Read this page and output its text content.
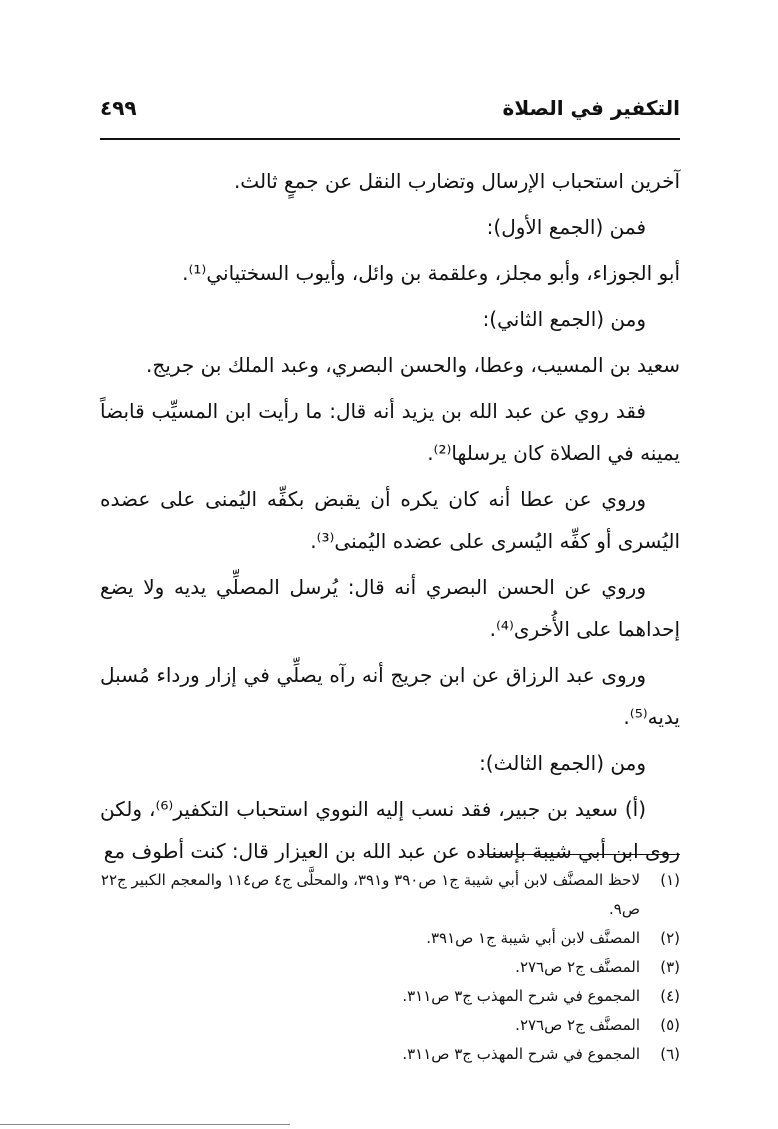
التكفير في الصلاة
٤٩٩

آخرين استحباب الإرسال وتضارب النقل عن جمعٍ ثالث.

فمن (الجمع الأول):

أبو الجوزاء، وأبو مجلز، وعلقمة بن وائل، وأيوب السختياني⁽¹⁾.

ومن (الجمع الثاني):

سعيد بن المسيب، وعطا، والحسن البصري، وعبد الملك بن جريج.

فقد روي عن عبد الله بن يزيد أنه قال: ما رأيت ابن المسيِّب قابضاً يمينه في الصلاة كان يرسلها⁽²⁾.

وروي عن عطا أنه كان يكره أن يقبض بكفِّه اليُمنى على عضده اليُسرى أو كفِّه اليُسرى على عضده اليُمنى⁽³⁾.

وروي عن الحسن البصري أنه قال: يُرسل المصلِّي يديه ولا يضع إحداهما على الأُخرى⁽⁴⁾.

وروى عبد الرزاق عن ابن جريج أنه رآه يصلِّي في إزار ورداء مُسبل يديه⁽⁵⁾.

ومن (الجمع الثالث):

(أ) سعيد بن جبير، فقد نسب إليه النووي استحباب التكفير⁽⁶⁾، ولكن روى ابن أبي شيبة بإسناده عن عبد الله بن العيزار قال: كنت أطوف مع

(١)
لاحظ المصنَّف لابن أبي شيبة ج١ ص٣٩٠ و٣٩١، والمحلَّى ج٤ ص١١٤ والمعجم الكبير ج٢٢ ص٩.
(٢)
المصنَّف لابن أبي شيبة ج١ ص٣٩١.
(٣)
المصنَّف ج٢ ص٢٧٦.
(٤)
المجموع في شرح المهذب ج٣ ص٣١١.
(٥)
المصنَّف ج٢ ص٢٧٦.
(٦)
المجموع في شرح المهذب ج٣ ص٣١١.
